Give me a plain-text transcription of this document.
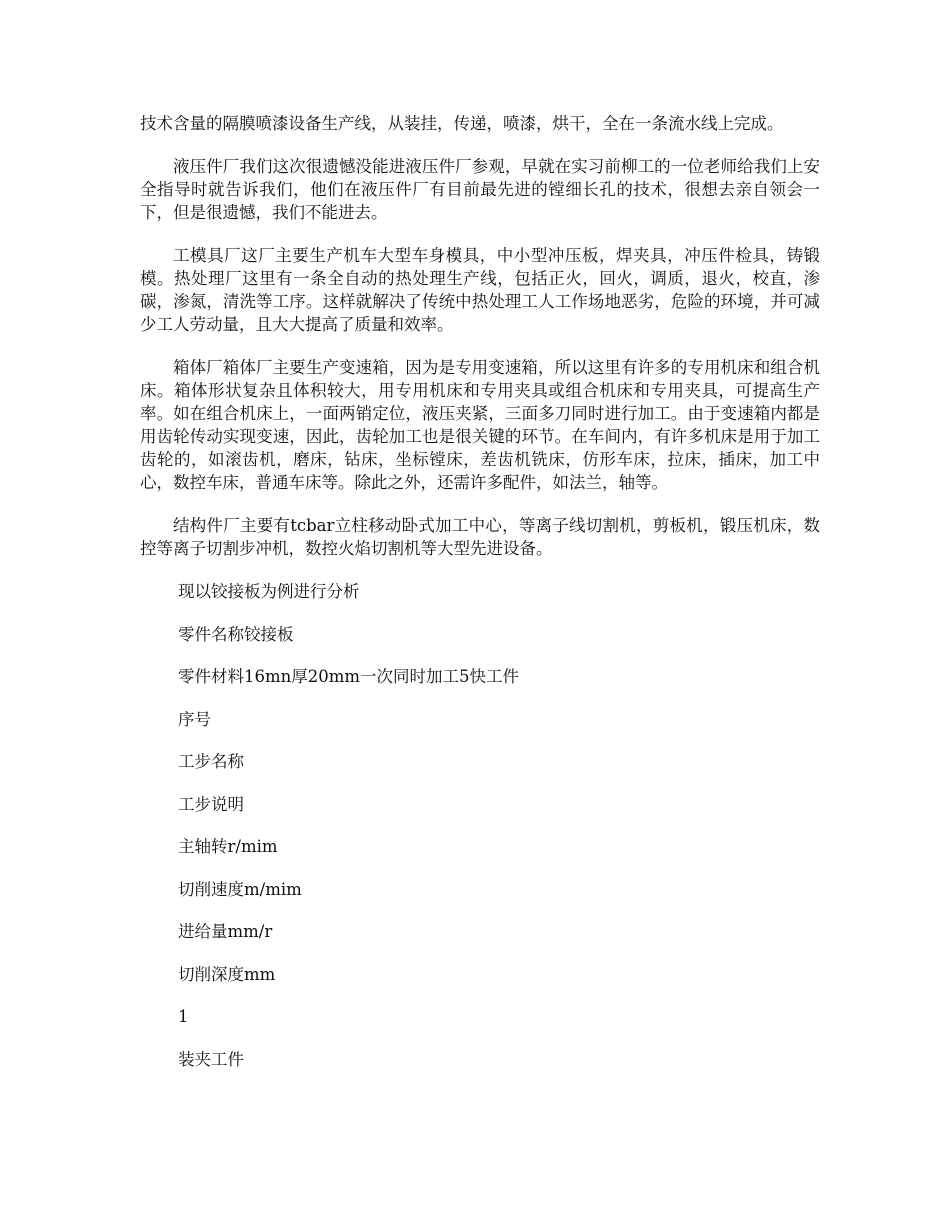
技术含量的隔膜喷漆设备生产线，从装挂，传递，喷漆，烘干，全在一条流水线上完成。

液压件厂我们这次很遗憾没能进液压件厂参观，早就在实习前柳工的一位老师给我们上安全指导时就告诉我们，他们在液压件厂有目前最先进的镗细长孔的技术，很想去亲自领会一下，但是很遗憾，我们不能进去。

工模具厂这厂主要生产机车大型车身模具，中小型冲压板，焊夹具，冲压件检具，铸锻模。热处理厂这里有一条全自动的热处理生产线，包括正火，回火，调质，退火，校直，渗碳，渗氮，清洗等工序。这样就解决了传统中热处理工人工作场地恶劣，危险的环境，并可减少工人劳动量，且大大提高了质量和效率。

箱体厂箱体厂主要生产变速箱，因为是专用变速箱，所以这里有许多的专用机床和组合机床。箱体形状复杂且体积较大，用专用机床和专用夹具或组合机床和专用夹具，可提高生产率。如在组合机床上，一面两销定位，液压夹紧，三面多刀同时进行加工。由于变速箱内都是用齿轮传动实现变速，因此，齿轮加工也是很关键的环节。在车间内，有许多机床是用于加工齿轮的，如滚齿机，磨床，钻床，坐标镗床，差齿机铣床，仿形车床，拉床，插床，加工中心，数控车床，普通车床等。除此之外，还需许多配件，如法兰，轴等。

结构件厂主要有tcbar立柱移动卧式加工中心，等离子线切割机，剪板机，锻压机床，数控等离子切割步冲机，数控火焰切割机等大型先进设备。

现以铰接板为例进行分析

零件名称铰接板

零件材料16mn厚20mm一次同时加工5快工件

序号

工步名称

工步说明

主轴转r/mim

切削速度m/mim

进给量mm/r

切削深度mm

1

装夹工件
